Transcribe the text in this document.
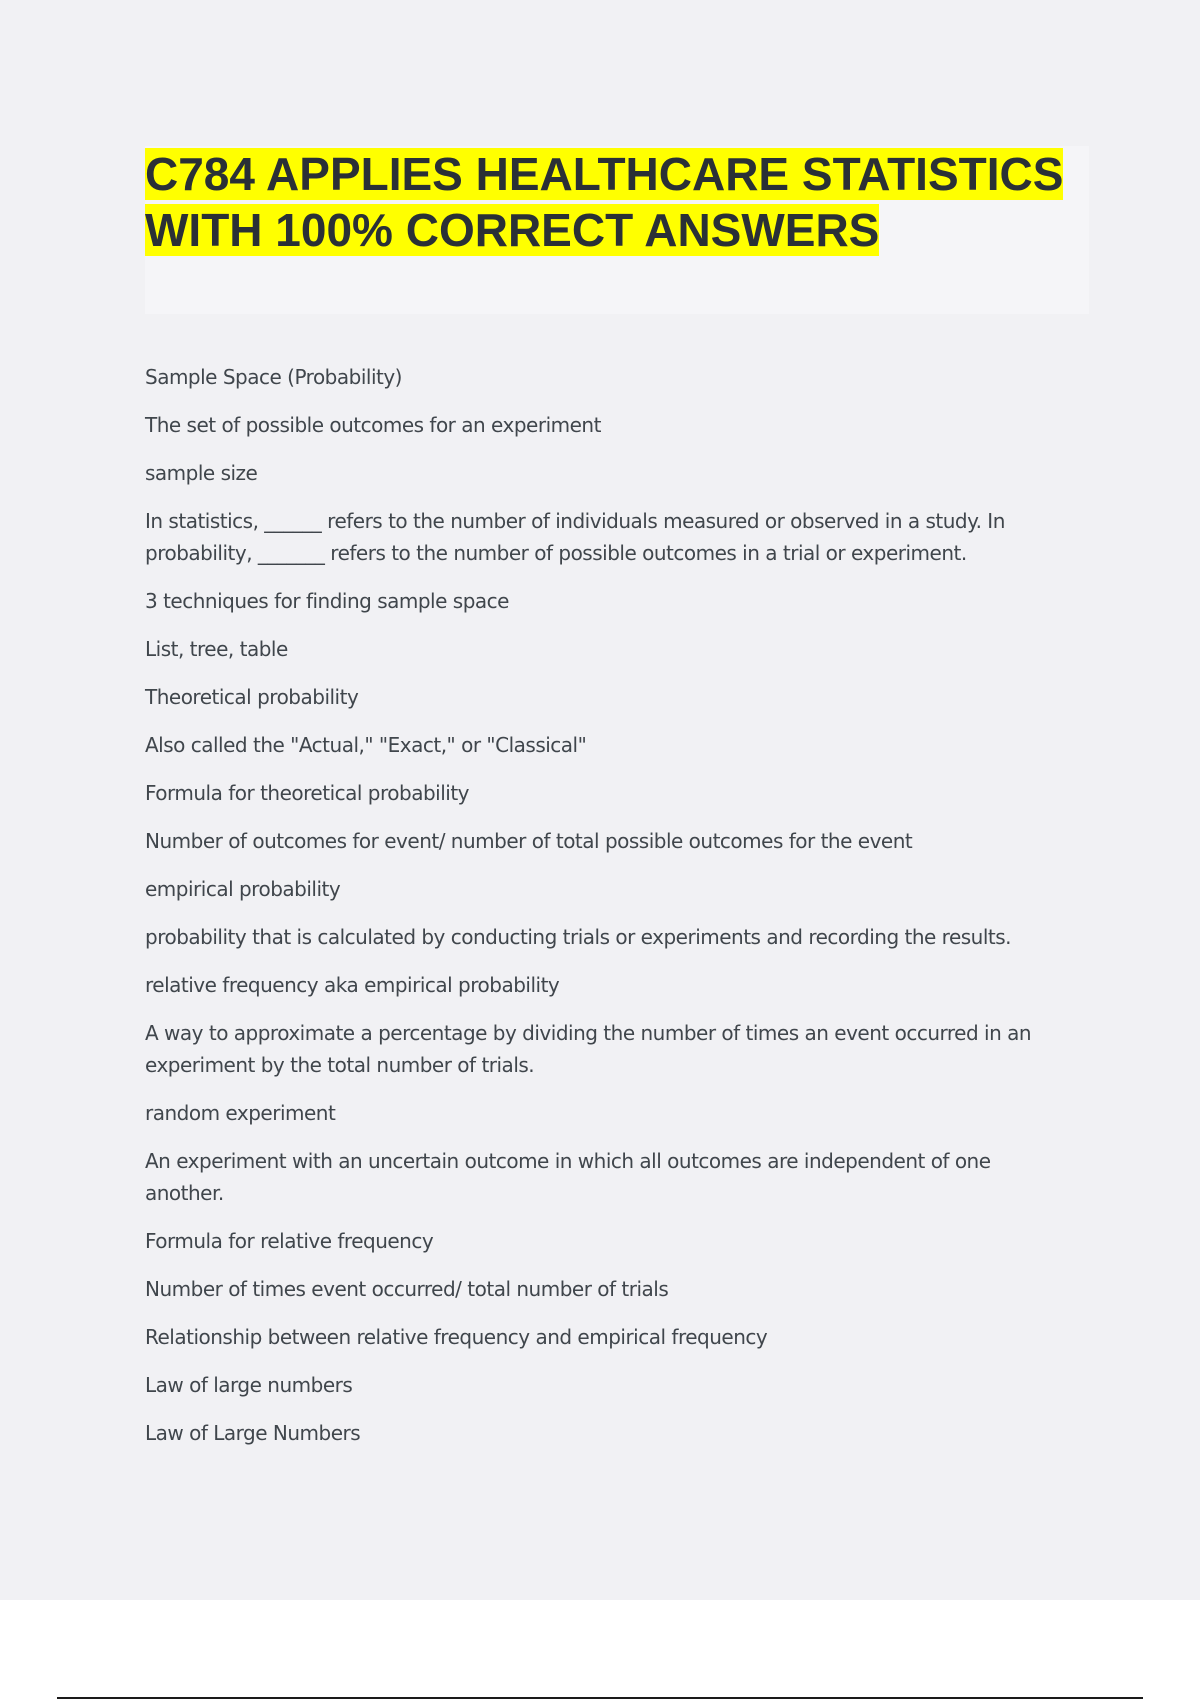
C784 APPLIES HEALTHCARE STATISTICS WITH 100% CORRECT ANSWERS

Sample Space (Probability)

The set of possible outcomes for an experiment

sample size

In statistics, ______ refers to the number of individuals measured or observed in a study. In probability, _______ refers to the number of possible outcomes in a trial or experiment.

3 techniques for finding sample space

List, tree, table

Theoretical probability

Also called the "Actual," "Exact," or "Classical"

Formula for theoretical probability

Number of outcomes for event/ number of total possible outcomes for the event

empirical probability

probability that is calculated by conducting trials or experiments and recording the results.

relative frequency aka empirical probability

A way to approximate a percentage by dividing the number of times an event occurred in an experiment by the total number of trials.

random experiment

An experiment with an uncertain outcome in which all outcomes are independent of one another.

Formula for relative frequency

Number of times event occurred/ total number of trials

Relationship between relative frequency and empirical frequency

Law of large numbers

Law of Large Numbers
